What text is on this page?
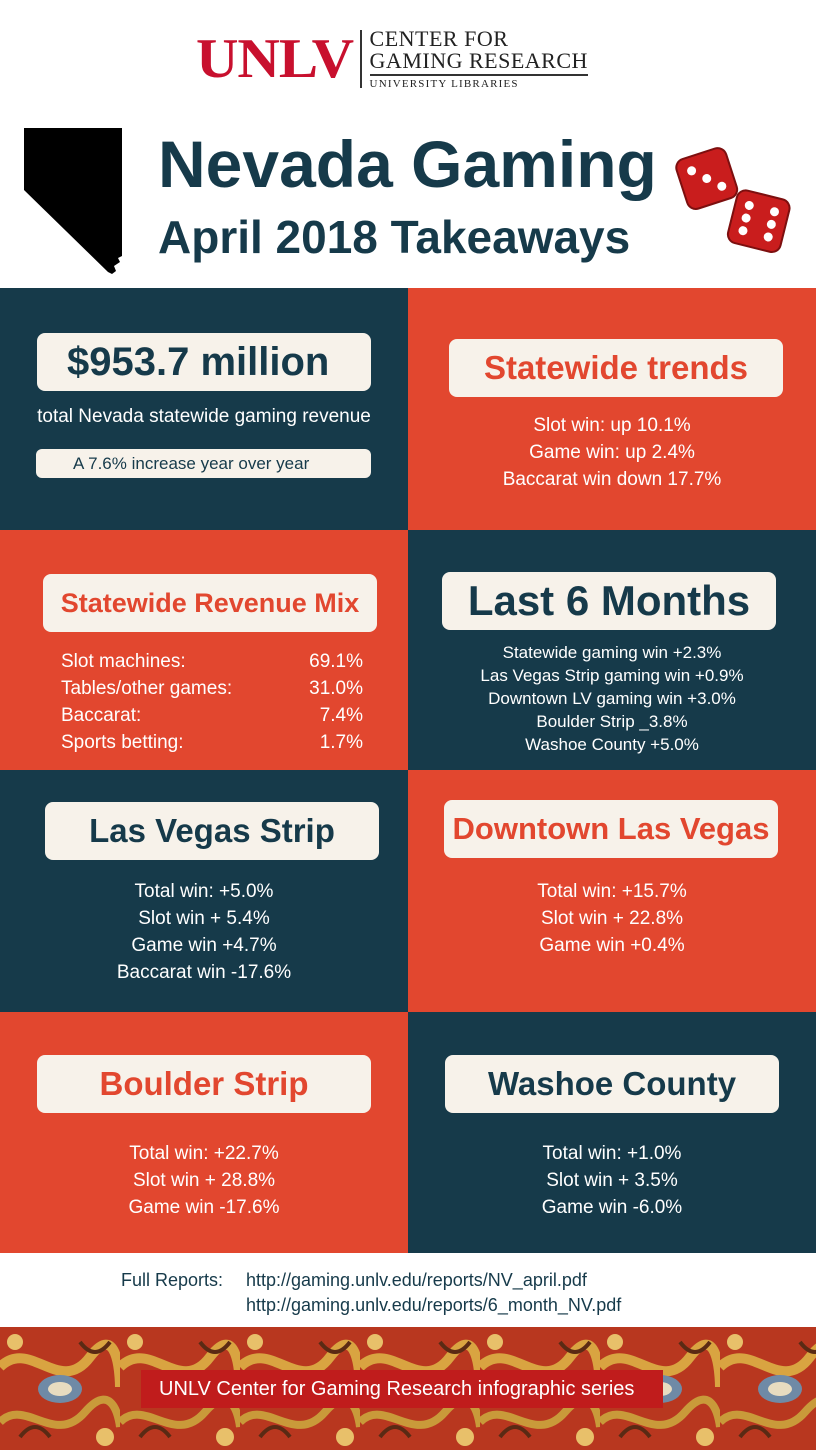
UNLV CENTER FOR
GAMING RESEARCH
UNIVERSITY LIBRARIES
Nevada Gaming
April 2018 Takeaways
$953.7 million
total Nevada statewide gaming revenue
A 7.6% increase year over year
Statewide trends
Slot win: up 10.1%
Game win: up 2.4%
Baccarat win down 17.7%
Statewide Revenue Mix
Slot machines:	69.1%
Tables/other games:	31.0%
Baccarat:	7.4%
Sports betting:	1.7%
Last 6 Months
Statewide gaming win +2.3%
Las Vegas Strip gaming win +0.9%
Downtown LV gaming win +3.0%
Boulder Strip _3.8%
Washoe County +5.0%
Las Vegas Strip
Total win: +5.0%
Slot win + 5.4%
Game win +4.7%
Baccarat win -17.6%
Downtown Las Vegas
Total win: +15.7%
Slot win + 22.8%
Game win +0.4%
Boulder Strip
Total win: +22.7%
Slot win + 28.8%
Game win -17.6%
Washoe County
Total win: +1.0%
Slot win + 3.5%
Game win -6.0%
Full Reports: http://gaming.unlv.edu/reports/NV_april.pdf
http://gaming.unlv.edu/reports/6_month_NV.pdf
UNLV Center for Gaming Research infographic series
